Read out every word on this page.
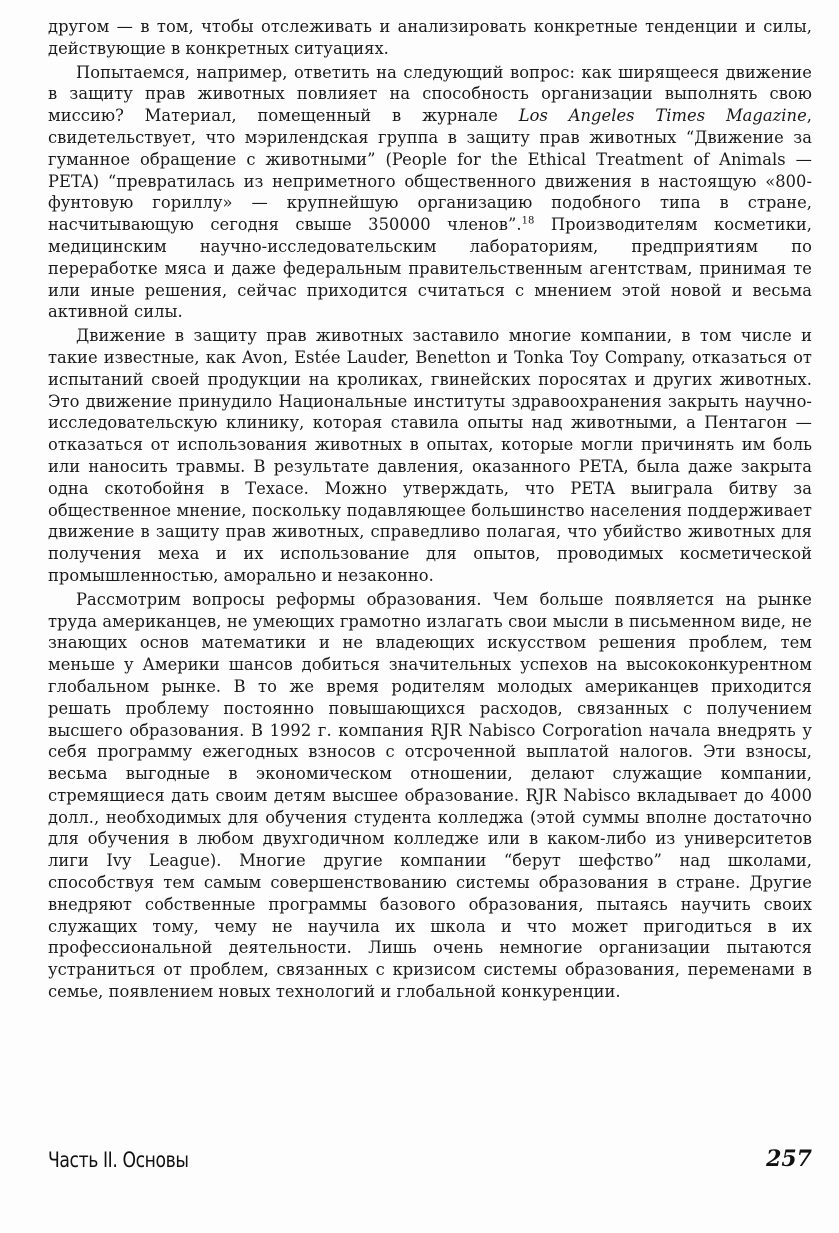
другом — в том, чтобы отслеживать и анализировать конкретные тенденции и силы, действующие в конкретных ситуациях.

Попытаемся, например, ответить на следующий вопрос: как ширящееся движение в защиту прав животных повлияет на способность организации выполнять свою миссию? Материал, помещенный в журнале Los Angeles Times Magazine, свидетельствует, что мэрилендская группа в защиту прав животных “Движение за гуманное обращение с животными” (People for the Ethical Treatment of Animals — PETA) “превратилась из неприметного общественного движения в настоящую «800-фунтовую гориллу» — крупнейшую организацию подобного типа в стране, насчитывающую сегодня свыше 350000 членов”.$^{18}$ Производителям косметики, медицинским научно-исследовательским лабораториям, предприятиям по переработке мяса и даже федеральным правительственным агентствам, принимая те или иные решения, сейчас приходится считаться с мнением этой новой и весьма активной силы.

Движение в защиту прав животных заставило многие компании, в том числе и такие известные, как Avon, Estée Lauder, Benetton и Tonka Toy Company, отказаться от испытаний своей продукции на кроликах, гвинейских поросятах и других животных. Это движение принудило Национальные институты здравоохранения закрыть научно-исследовательскую клинику, которая ставила опыты над животными, а Пентагон — отказаться от использования животных в опытах, которые могли причинять им боль или наносить травмы. В результате давления, оказанного PETA, была даже закрыта одна скотобойня в Техасе. Можно утверждать, что PETA выиграла битву за общественное мнение, поскольку подавляющее большинство населения поддерживает движение в защиту прав животных, справедливо полагая, что убийство животных для получения меха и их использование для опытов, проводимых косметической промышленностью, аморально и незаконно.

Рассмотрим вопросы реформы образования. Чем больше появляется на рынке труда американцев, не умеющих грамотно излагать свои мысли в письменном виде, не знающих основ математики и не владеющих искусством решения проблем, тем меньше у Америки шансов добиться значительных успехов на высококонкурентном глобальном рынке. В то же время родителям молодых американцев приходится решать проблему постоянно повышающихся расходов, связанных с получением высшего образования. В 1992 г. компания RJR Nabisco Corporation начала внедрять у себя программу ежегодных взносов с отсроченной выплатой налогов. Эти взносы, весьма выгодные в экономическом отношении, делают служащие компании, стремящиеся дать своим детям высшее образование. RJR Nabisco вкладывает до 4000 долл., необходимых для обучения студента колледжа (этой суммы вполне достаточно для обучения в любом двухгодичном колледже или в каком-либо из университетов лиги Ivy League). Многие другие компании “берут шефство” над школами, способствуя тем самым совершенствованию системы образования в стране. Другие внедряют собственные программы базового образования, пытаясь научить своих служащих тому, чему не научила их школа и что может пригодиться в их профессиональной деятельности. Лишь очень немногие организации пытаются устраниться от проблем, связанных с кризисом системы образования, переменами в семье, появлением новых технологий и глобальной конкуренции.

Часть II. Основы	257
